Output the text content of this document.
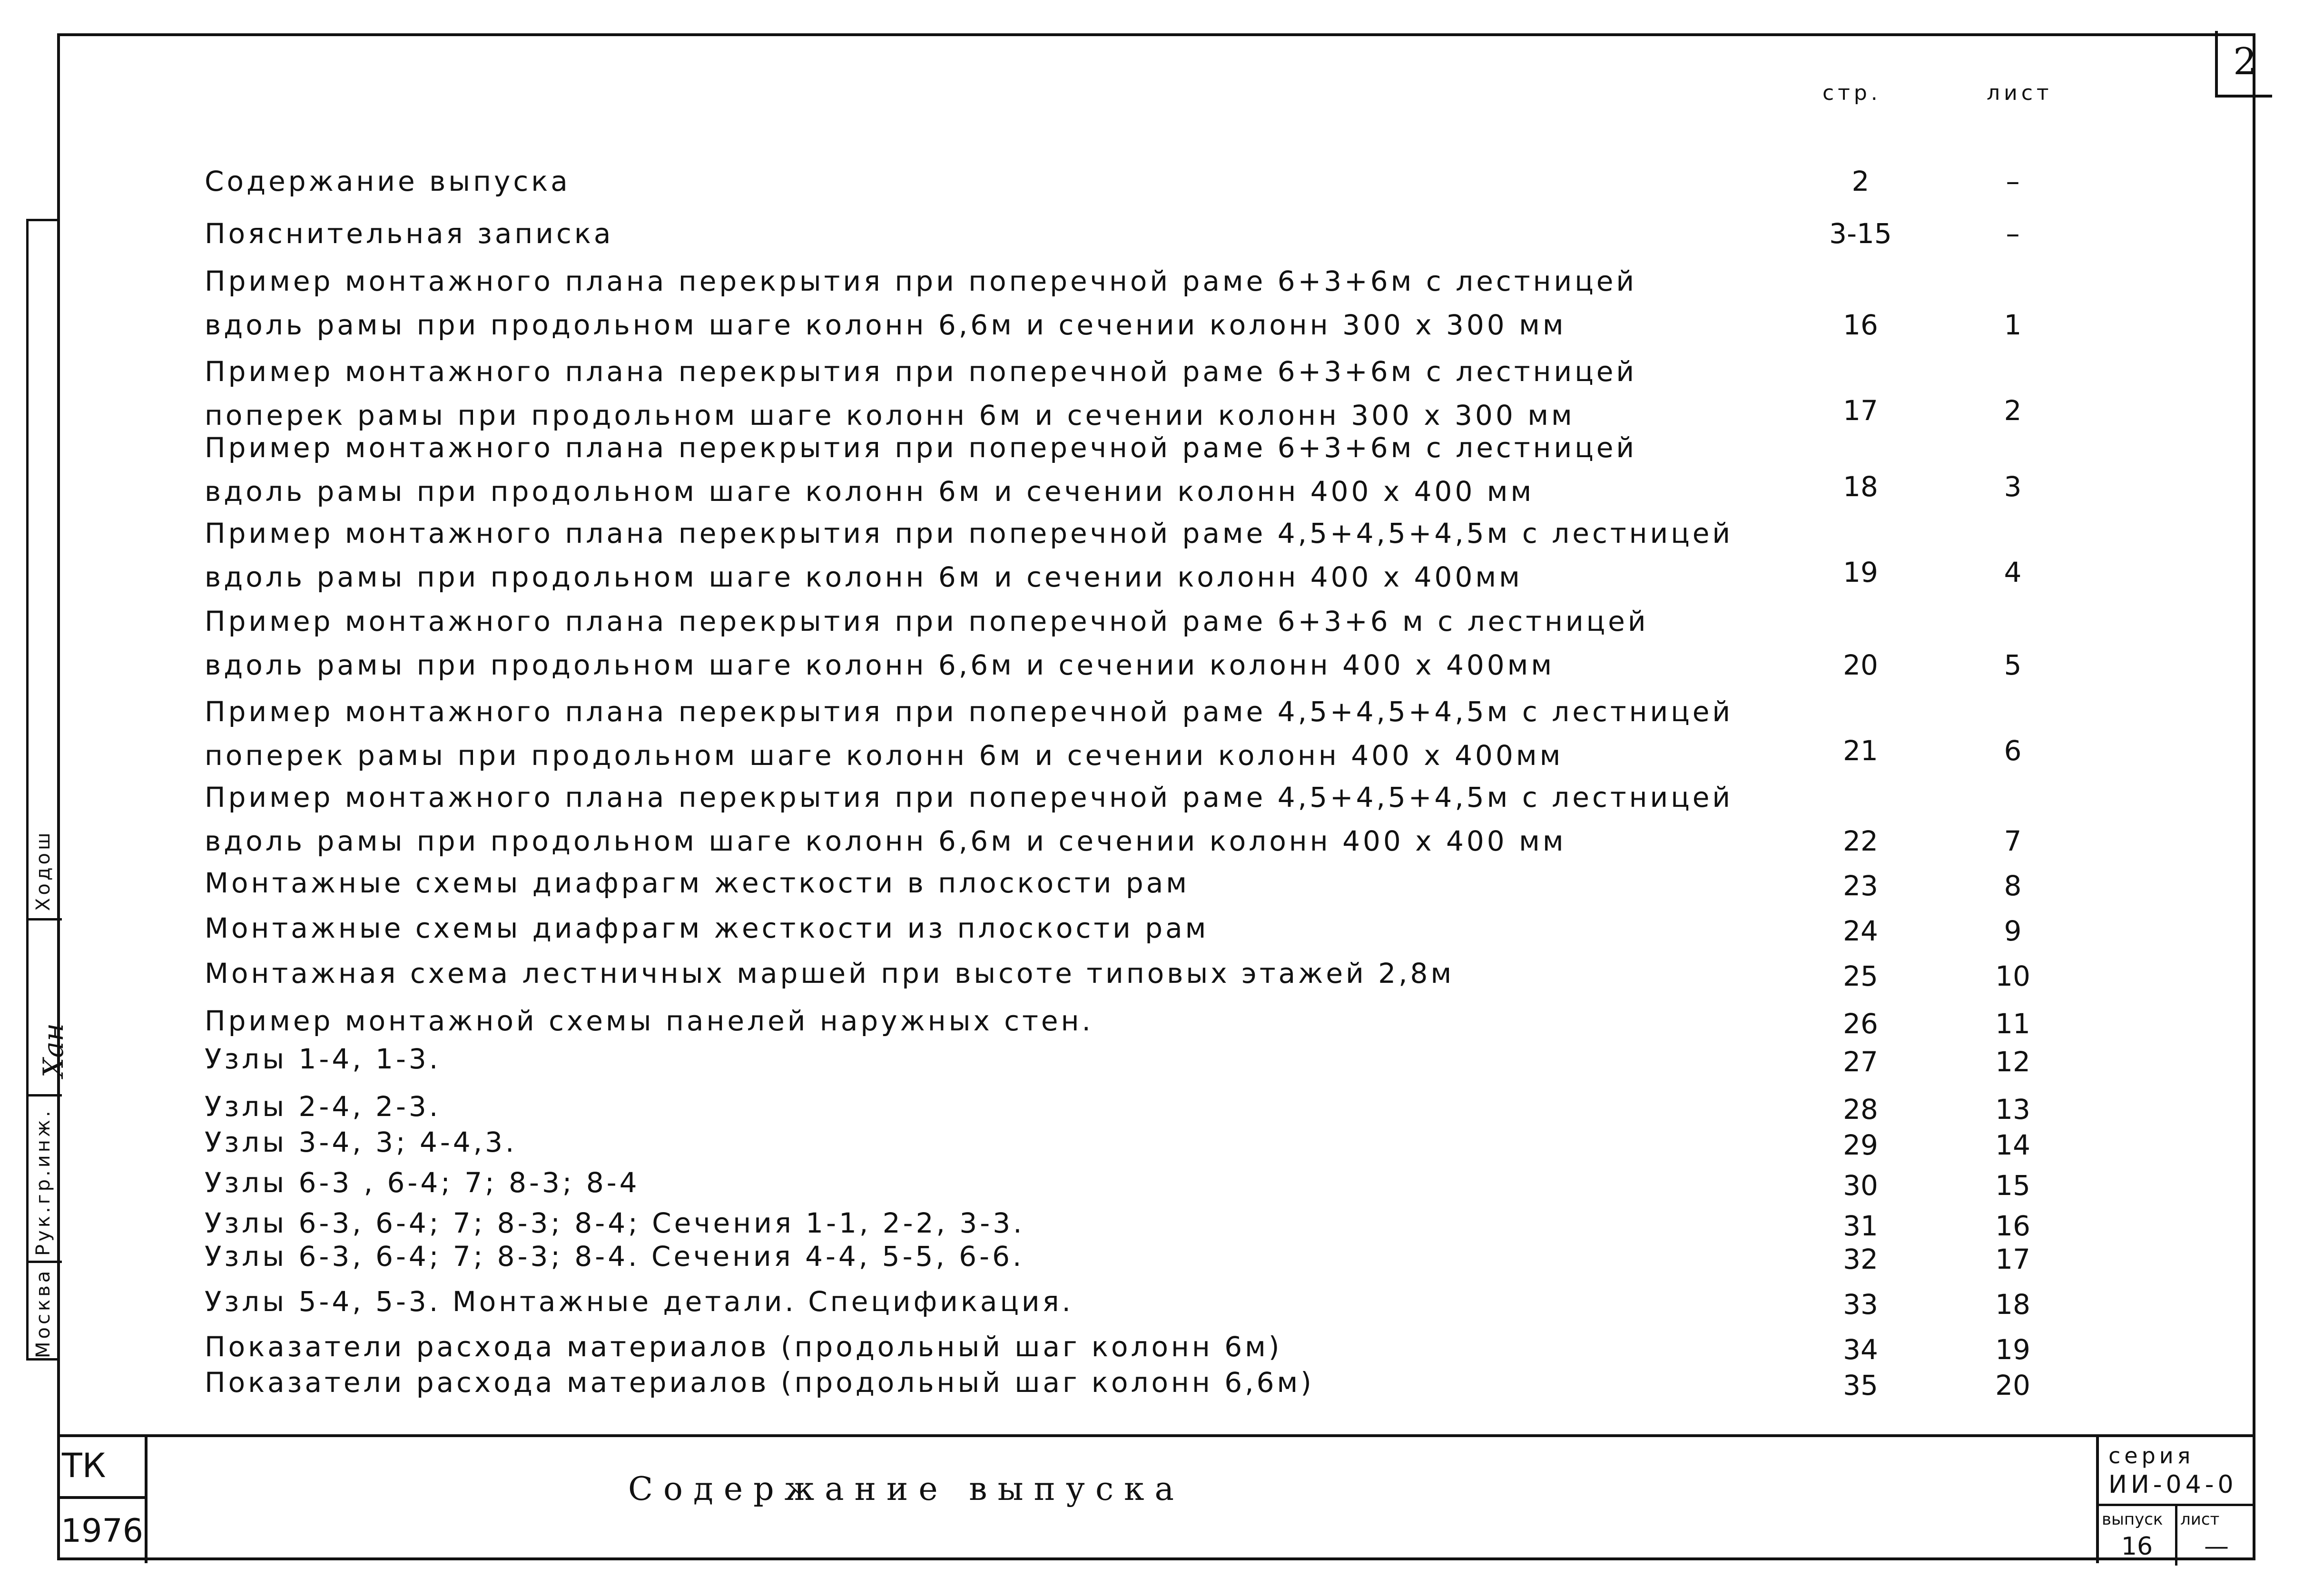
2
стр.	лист
Содержание выпуска	2	–
Пояснительная записка	3-15	–
Пример монтажного плана перекрытия при поперечной раме 6+3+6м с лестницей
вдоль рамы при продольном шаге колонн 6,6м и сечении колонн 300 x 300 мм	16	1
Пример монтажного плана перекрытия при поперечной раме 6+3+6м с лестницей
поперек рамы при продольном шаге колонн 6м и сечении колонн 300 x 300 мм	17	2
Пример монтажного плана перекрытия при поперечной раме 6+3+6м с лестницей
вдоль рамы при продольном шаге колонн 6м и сечении колонн 400 x 400 мм	18	3
Пример монтажного плана перекрытия при поперечной раме 4,5+4,5+4,5м с лестницей
вдоль рамы при продольном шаге колонн 6м и сечении колонн 400 x 400мм	19	4
Пример монтажного плана перекрытия при поперечной раме 6+3+6 м с лестницей
вдоль рамы при продольном шаге колонн 6,6м и сечении колонн 400 x 400мм	20	5
Пример монтажного плана перекрытия при поперечной раме 4,5+4,5+4,5м с лестницей
поперек рамы при продольном шаге колонн 6м и сечении колонн 400 x 400мм	21	6
Пример монтажного плана перекрытия при поперечной раме 4,5+4,5+4,5м с лестницей
вдоль рамы при продольном шаге колонн 6,6м и сечении колонн 400 x 400 мм	22	7
Монтажные схемы диафрагм жесткости в плоскости рам	23	8
Монтажные схемы диафрагм жесткости из плоскости рам	24	9
Монтажная схема лестничных маршей при высоте типовых этажей 2,8м	25	10
Пример монтажной схемы панелей наружных стен.	26	11
Узлы 1-4, 1-3.	27	12
Узлы 2-4, 2-3.	28	13
Узлы 3-4, 3; 4-4,3.	29	14
Узлы 6-3 , 6-4; 7; 8-3; 8-4	30	15
Узлы 6-3, 6-4; 7; 8-3; 8-4; Сечения 1-1, 2-2, 3-3.	31	16
Узлы 6-3, 6-4; 7; 8-3; 8-4. Сечения 4-4, 5-5, 6-6.	32	17
Узлы 5-4, 5-3. Монтажные детали. Спецификация.	33	18
Показатели расхода материалов (продольный шаг колонн 6м)	34	19
Показатели расхода материалов (продольный шаг колонн 6,6м)	35	20
Ходош
Хан
Рук.гр.инж.
Москва
ТК
1976
Содержание выпуска
серия
ИИ-04-0
выпуск
16
лист
—
